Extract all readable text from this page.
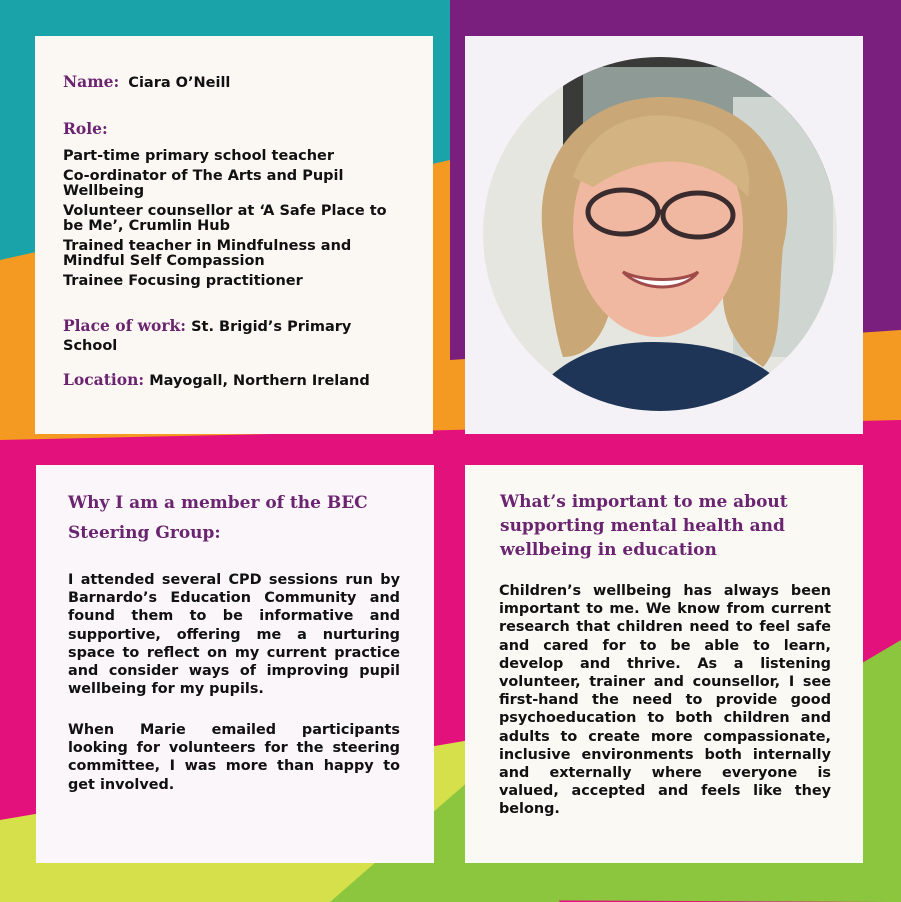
Name: Ciara O’Neill
Role:
Part-time primary school teacher
Co-ordinator of The Arts and Pupil Wellbeing
Volunteer counsellor at ‘A Safe Place to be Me’, Crumlin Hub
Trained teacher in Mindfulness and Mindful Self Compassion
Trainee Focusing practitioner
Place of work: St. Brigid’s Primary School
Location: Mayogall, Northern Ireland
Why I am a member of the BEC
Steering Group:

I attended several CPD sessions run by Barnardo’s Education Community and found them to be informative and supportive, offering me a nurturing space to reflect on my current practice and consider ways of improving pupil wellbeing for my pupils.

When Marie emailed participants looking for volunteers for the steering committee, I was more than happy to get involved.

What’s important to me about
supporting mental health and
wellbeing in education

Children’s wellbeing has always been important to me. We know from current research that children need to feel safe and cared for to be able to learn, develop and thrive. As a listening volunteer, trainer and counsellor, I see first-hand the need to provide good psychoeducation to both children and adults to create more compassionate, inclusive environments both internally and externally where everyone is valued, accepted and feels like they belong.
